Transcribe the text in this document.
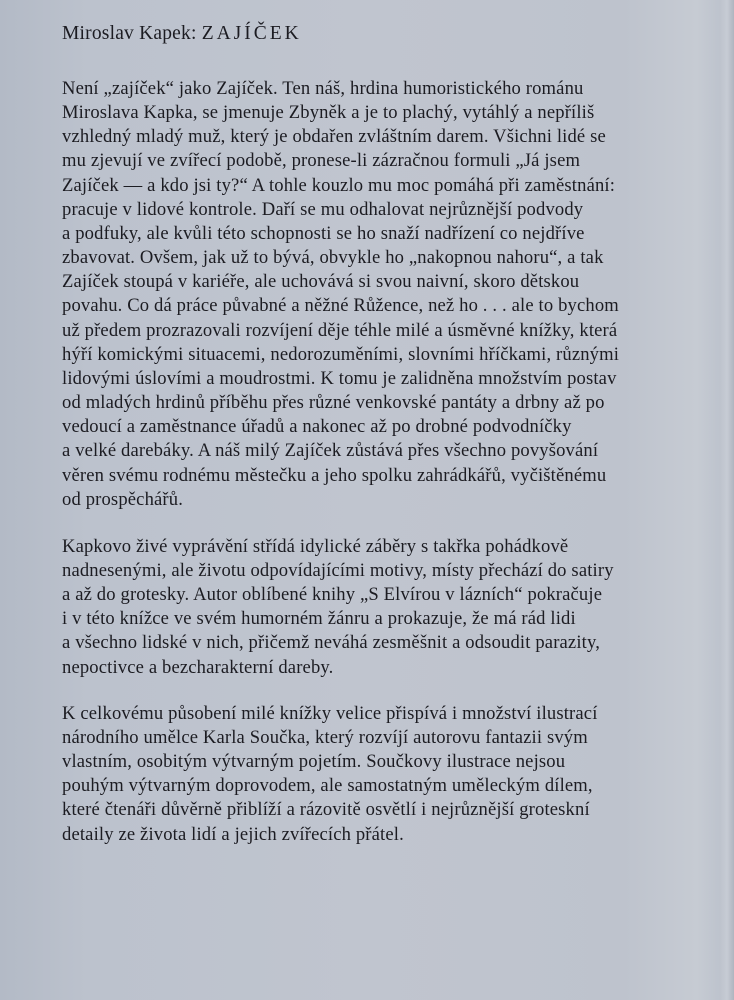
Miroslav Kapek: ZAJÍČEK

Není „zajíček“ jako Zajíček. Ten náš, hrdina humoristického románu
Miroslava Kapka, se jmenuje Zbyněk a je to plachý, vytáhlý a nepříliš
vzhledný mladý muž, který je obdařen zvláštním darem. Všichni lidé se
mu zjevují ve zvířecí podobě, pronese-li zázračnou formuli „Já jsem
Zajíček — a kdo jsi ty?“ A tohle kouzlo mu moc pomáhá při zaměstnání:
pracuje v lidové kontrole. Daří se mu odhalovat nejrůznější podvody
a podfuky, ale kvůli této schopnosti se ho snaží nadřízení co nejdříve
zbavovat. Ovšem, jak už to bývá, obvykle ho „nakopnou nahoru“, a tak
Zajíček stoupá v kariéře, ale uchovává si svou naivní, skoro dětskou
povahu. Co dá práce půvabné a něžné Růžence, než ho . . . ale to bychom
už předem prozrazovali rozvíjení děje téhle milé a úsměvné knížky, která
hýří komickými situacemi, nedorozuměními, slovními hříčkami, různými
lidovými úslovími a moudrostmi. K tomu je zalidněna množstvím postav
od mladých hrdinů příběhu přes různé venkovské pantáty a drbny až po
vedoucí a zaměstnance úřadů a nakonec až po drobné podvodníčky
a velké darebáky. A náš milý Zajíček zůstává přes všechno povyšování
věren svému rodnému městečku a jeho spolku zahrádkářů, vyčištěnému
od prospěchářů.

Kapkovo živé vyprávění střídá idylické záběry s takřka pohádkově
nadnesenými, ale životu odpovídajícími motivy, místy přechází do satiry
a až do grotesky. Autor oblíbené knihy „S Elvírou v lázních“ pokračuje
i v této knížce ve svém humorném žánru a prokazuje, že má rád lidi
a všechno lidské v nich, přičemž neváhá zesměšnit a odsoudit parazity,
nepoctivce a bezcharakterní dareby.

K celkovému působení milé knížky velice přispívá i množství ilustrací
národního umělce Karla Součka, který rozvíjí autorovu fantazii svým
vlastním, osobitým výtvarným pojetím. Součkovy ilustrace nejsou
pouhým výtvarným doprovodem, ale samostatným uměleckým dílem,
které čtenáři důvěrně přiblíží a rázovitě osvětlí i nejrůznější groteskní
detaily ze života lidí a jejich zvířecích přátel.
